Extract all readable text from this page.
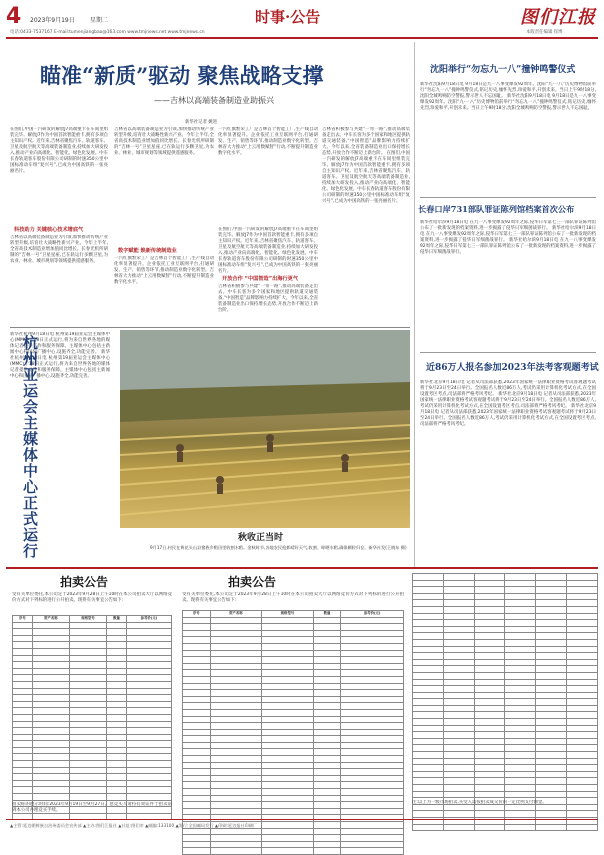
4 2023年9月19日	星期二	时事·公告	图们江报
电话:0433-7537167 E-mail:tumenjiangbao@163.com www.tmjnews.net www.tmjnews.cn	本版责任编辑 崔博
瞄准“新质”驱动 聚焦战略支撑
——吉林以高端装备制造业助振兴
新华社记者 姚进
在图们,中国一汽研发的解放J7高端重卡在车间里组装完毕。解放J7作为中国首款智能重卡,拥有多项自主知识产权。近年来,吉林省聚焦汽车、轨道客车、卫星及航空航天等高端装备制造业,持续加大研发投入,推动产业向高端化、智能化、绿色化发展。中车长春轨道客车股份有限公司研制的时速350公里中国标准动车组“复兴号”,已成为中国高铁的一张亮丽名片。
科技助力 关键核心技术增底气
吉林省以高端装备制造业为引领,加快推动传统产业转型升级,培育壮大战略性新兴产业。今年上半年,全省高技术制造业增加值同比增长。长春光机所研制的“吉林一号”卫星星座,已在轨运行多颗卫星,为农业、林业、城市规划等领域提供遥感服务。
吉林省以高端装备制造业为引领,加快推动传统产业转型升级,培育壮大战略性新兴产业。今年上半年,全省高技术制造业增加值同比增长。长春光机所研制的“吉林一号”卫星星座,已在轨运行多颗卫星,为农业、林业、城市规划等领域提供遥感服务。
数字赋能 焕新传统制造业
一汽红旗繁荣工厂是吉林首个智能工厂,生产线自动化率显著提升。企业依托工业互联网平台,打通研发、生产、销售等环节,推动制造业数字化转型。吉林省大力推动“上云用数赋智”行动,不断提升制造业数字化水平。
一汽红旗繁荣工厂是吉林首个智能工厂,生产线自动化率显著提升。企业依托工业互联网平台,打通研发、生产、销售等环节,推动制造业数字化转型。吉林省大力推动“上云用数赋智”行动,不断提升制造业数字化水平。
在图们,中国一汽研发的解放J7高端重卡在车间里组装完毕。解放J7作为中国首款智能重卡,拥有多项自主知识产权。近年来,吉林省聚焦汽车、轨道客车、卫星及航空航天等高端装备制造业,持续加大研发投入,推动产业向高端化、智能化、绿色化发展。中车长春轨道客车股份有限公司研制的时速350公里中国标准动车组“复兴号”,已成为中国高铁的一张亮丽名片。
开放合作 “中国智造”出海行更气
吉林省积极参与共建“一带一路”,推动高端装备走出去。中车长客为多个国家和地区提供轨道交通装备,“中国智造”品牌影响力持续扩大。今年以来,全省装备制造业出口保持增长态势,开放合作不断迈上新台阶。
吉林省积极参与共建“一带一路”,推动高端装备走出去。中车长客为多个国家和地区提供轨道交通装备,“中国智造”品牌影响力持续扩大。今年以来,全省装备制造业出口保持增长态势,开放合作不断迈上新台阶。 在图们,中国一汽研发的解放J7高端重卡在车间里组装完毕。解放J7作为中国首款智能重卡,拥有多项自主知识产权。近年来,吉林省聚焦汽车、轨道客车、卫星及航空航天等高端装备制造业,持续加大研发投入,推动产业向高端化、智能化、绿色化发展。中车长春轨道客车股份有限公司研制的时速350公里中国标准动车组“复兴号”,已成为中国高铁的一张亮丽名片。
新华社杭州9月18日电 杭州第19届亚运会主媒体中心(MMC)于18日正式运行,将为来自世界各地的媒体记者提供工作和服务保障。主媒体中心包括主新闻中心和国际广播中心,设施齐全,功能完善。 新华社杭州9月18日电 杭州第19届亚运会主媒体中心(MMC)于18日正式运行,将为来自世界各地的媒体记者提供工作和服务保障。主媒体中心包括主新闻中心和国际广播中心,设施齐全,功能完善。
杭州亚运会主媒体中心正式运行	秋收正当时
9月17日,村民在黄花头山县畲族乡稻田里收割水稻。金秋时节,各地农民抢抓晴好天气,收割、晾晒水稻,确保颗粒归仓。新华社发(王晓东 摄)
沈阳举行“勿忘九一八”撞钟鸣警仪式
新华社沈阳9月18日电 9月18日是九一八事变爆发92周年。沈阳“九·一八”历史博物馆前举行“勿忘九一八”撞钟鸣警仪式,铭记历史,缅怀先烈,珍爱和平,开创未来。当日上午9时18分,沈阳全城鸣响防空警报,警示世人不忘国耻。 新华社沈阳9月18日电 9月18日是九一八事变爆发92周年。沈阳“九·一八”历史博物馆前举行“勿忘九一八”撞钟鸣警仪式,铭记历史,缅怀先烈,珍爱和平,开创未来。当日上午9时18分,沈阳全城鸣响防空警报,警示世人不忘国耻。
长春口岸731部队罪证陈列馆档案首次公布
新华社哈尔滨9月18日电 在九一八事变爆发92周年之际,侵华日军第七三一部队罪证陈列馆公布了一批新发现的档案资料,进一步揭露了侵华日军细菌战罪行。 新华社哈尔滨9月18日电 在九一八事变爆发92周年之际,侵华日军第七三一部队罪证陈列馆公布了一批新发现的档案资料,进一步揭露了侵华日军细菌战罪行。 新华社哈尔滨9月18日电 在九一八事变爆发92周年之际,侵华日军第七三一部队罪证陈列馆公布了一批新发现的档案资料,进一步揭露了侵华日军细菌战罪行。
近86万人报名参加2023年法考客观题考试
新华社北京9月18日电 记者从司法部获悉,2023年国家统一法律职业资格考试客观题考试将于9月23日至24日举行。全国报名人数近86万人,考试仍采用计算机化考试方式,在全国设置考区考点,司法部将严格考风考纪。 新华社北京9月18日电 记者从司法部获悉,2023年国家统一法律职业资格考试客观题考试将于9月23日至24日举行。全国报名人数近86万人,考试仍采用计算机化考试方式,在全国设置考区考点,司法部将严格考风考纪。 新华社北京9月18日电 记者从司法部获悉,2023年国家统一法律职业资格考试客观题考试将于9月23日至24日举行。全国报名人数近86万人,考试仍采用计算机化考试方式,在全国设置考区考点,司法部将严格考风考纪。
拍卖公告
受有关单位委托,本公司定于2023年9月28日上午10时在本公司拍卖大厅以网络竞价方式对下列标的进行公开拍卖。现将有关事宜公告如下:
序号	资产名称	规格型号	数量	参考价(元)

拍卖标的展示时间:2023年9月19日至9月27日。意竞买人请持有效证件于拍卖前到本公司办理竞买手续。
拍卖公告
受有关单位委托,本公司定于2023年9月28日上午10时在本公司拍卖大厅以网络竞价方式对下列标的进行公开拍卖。现将有关事宜公告如下:
序号	资产名称	规格型号	数量	参考价(元)

注:以上为一级市场拍卖,买受人需按拍卖成交价的一定比例支付佣金。
▲主管:延边朝鲜族自治州委员会宣传部 ▲主办:图们江报社 ▲社址:图们市 ▲邮编:133100 ▲发行:全国邮局发行 ▲印刷:延边报社印刷厂
